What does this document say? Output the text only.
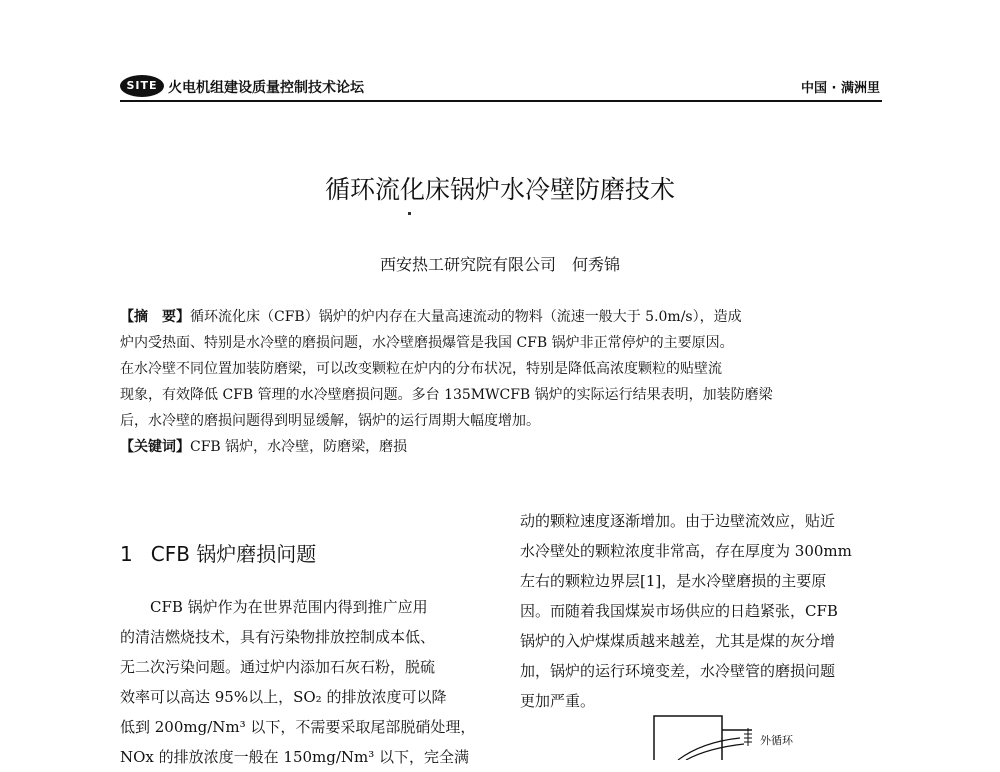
SITE 火电机组建设质量控制技术论坛	中国 · 满洲里
循环流化床锅炉水冷壁防磨技术
西安热工研究院有限公司　何秀锦
【摘　要】循环流化床（CFB）锅炉的炉内存在大量高速流动的物料（流速一般大于 5.0m/s），造成
炉内受热面、特别是水冷壁的磨损问题，水冷壁磨损爆管是我国 CFB 锅炉非正常停炉的主要原因。
在水冷壁不同位置加装防磨梁，可以改变颗粒在炉内的分布状况，特别是降低高浓度颗粒的贴壁流
现象，有效降低 CFB 管理的水冷壁磨损问题。多台 135MWCFB 锅炉的实际运行结果表明，加装防磨梁
后，水冷壁的磨损问题得到明显缓解，锅炉的运行周期大幅度增加。
【关键词】CFB 锅炉，水冷壁，防磨梁，磨损
1 CFB 锅炉磨损问题
　　CFB 锅炉作为在世界范围内得到推广应用
的清洁燃烧技术，具有污染物排放控制成本低、
无二次污染问题。通过炉内添加石灰石粉，脱硫
效率可以高达 95%以上，SO₂ 的排放浓度可以降
低到 200mg/Nm³ 以下，不需要采取尾部脱硝处理，
NOx 的排放浓度一般在 150mg/Nm³ 以下，完全满
动的颗粒速度逐渐增加。由于边壁流效应，贴近
水冷壁处的颗粒浓度非常高，存在厚度为 300mm
左右的颗粒边界层[1]，是水冷壁磨损的主要原
因。而随着我国煤炭市场供应的日趋紧张，CFB
锅炉的入炉煤煤质越来越差，尤其是煤的灰分增
加，锅炉的运行环境变差，水冷壁管的磨损问题
更加严重。
外循环
